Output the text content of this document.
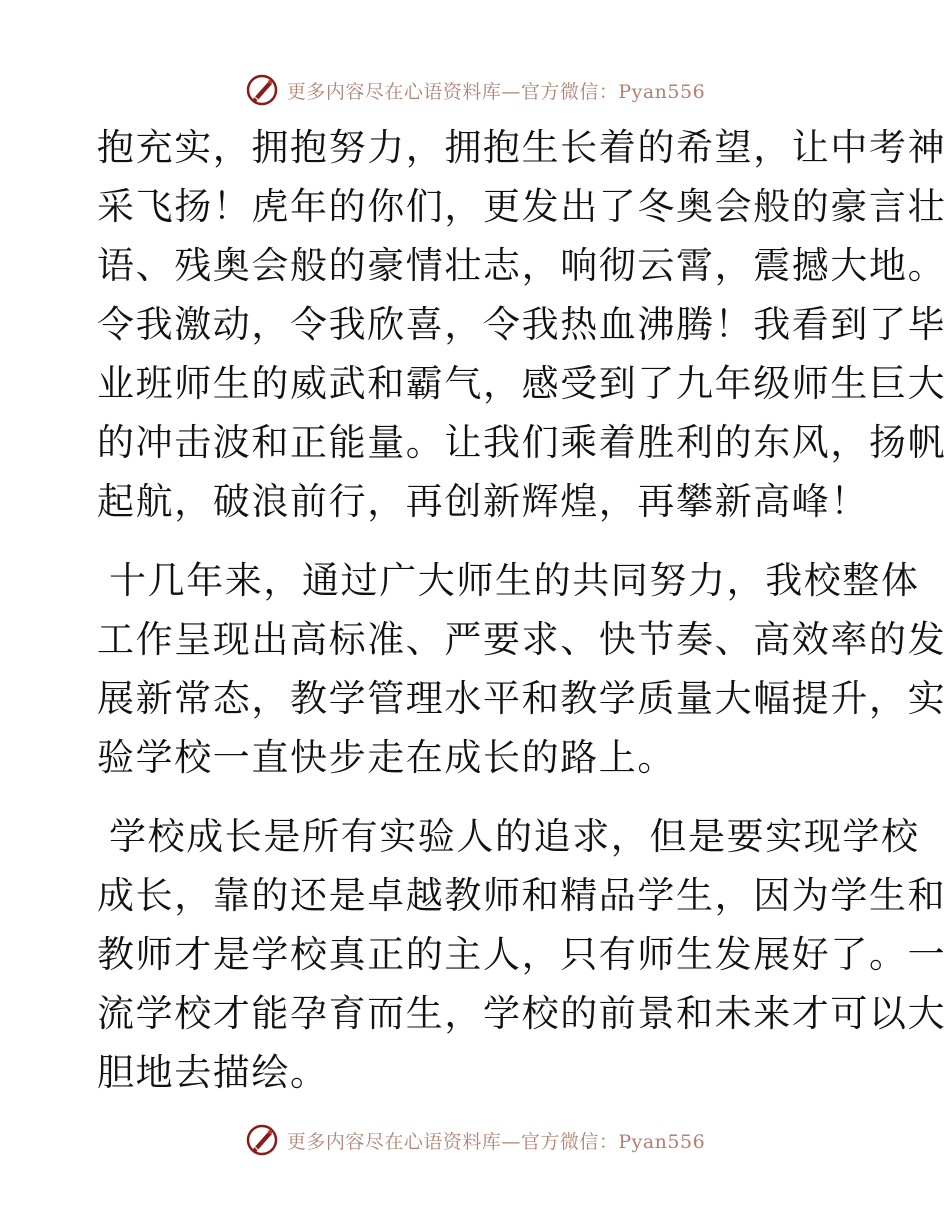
更多内容尽在心语资料库—官方微信：Pyan556
抱充实，拥抱努力，拥抱生长着的希望，让中考神
采飞扬！虎年的你们，更发出了冬奥会般的豪言壮
语、残奥会般的豪情壮志，响彻云霄，震撼大地。
令我激动，令我欣喜，令我热血沸腾！我看到了毕
业班师生的威武和霸气，感受到了九年级师生巨大
的冲击波和正能量。让我们乘着胜利的东风，扬帆
起航，破浪前行，再创新辉煌，再攀新高峰！
十几年来，通过广大师生的共同努力，我校整体
工作呈现出高标准、严要求、快节奏、高效率的发
展新常态，教学管理水平和教学质量大幅提升，实
验学校一直快步走在成长的路上。
学校成长是所有实验人的追求，但是要实现学校
成长，靠的还是卓越教师和精品学生，因为学生和
教师才是学校真正的主人，只有师生发展好了。一
流学校才能孕育而生，学校的前景和未来才可以大
胆地去描绘。
更多内容尽在心语资料库—官方微信：Pyan556
